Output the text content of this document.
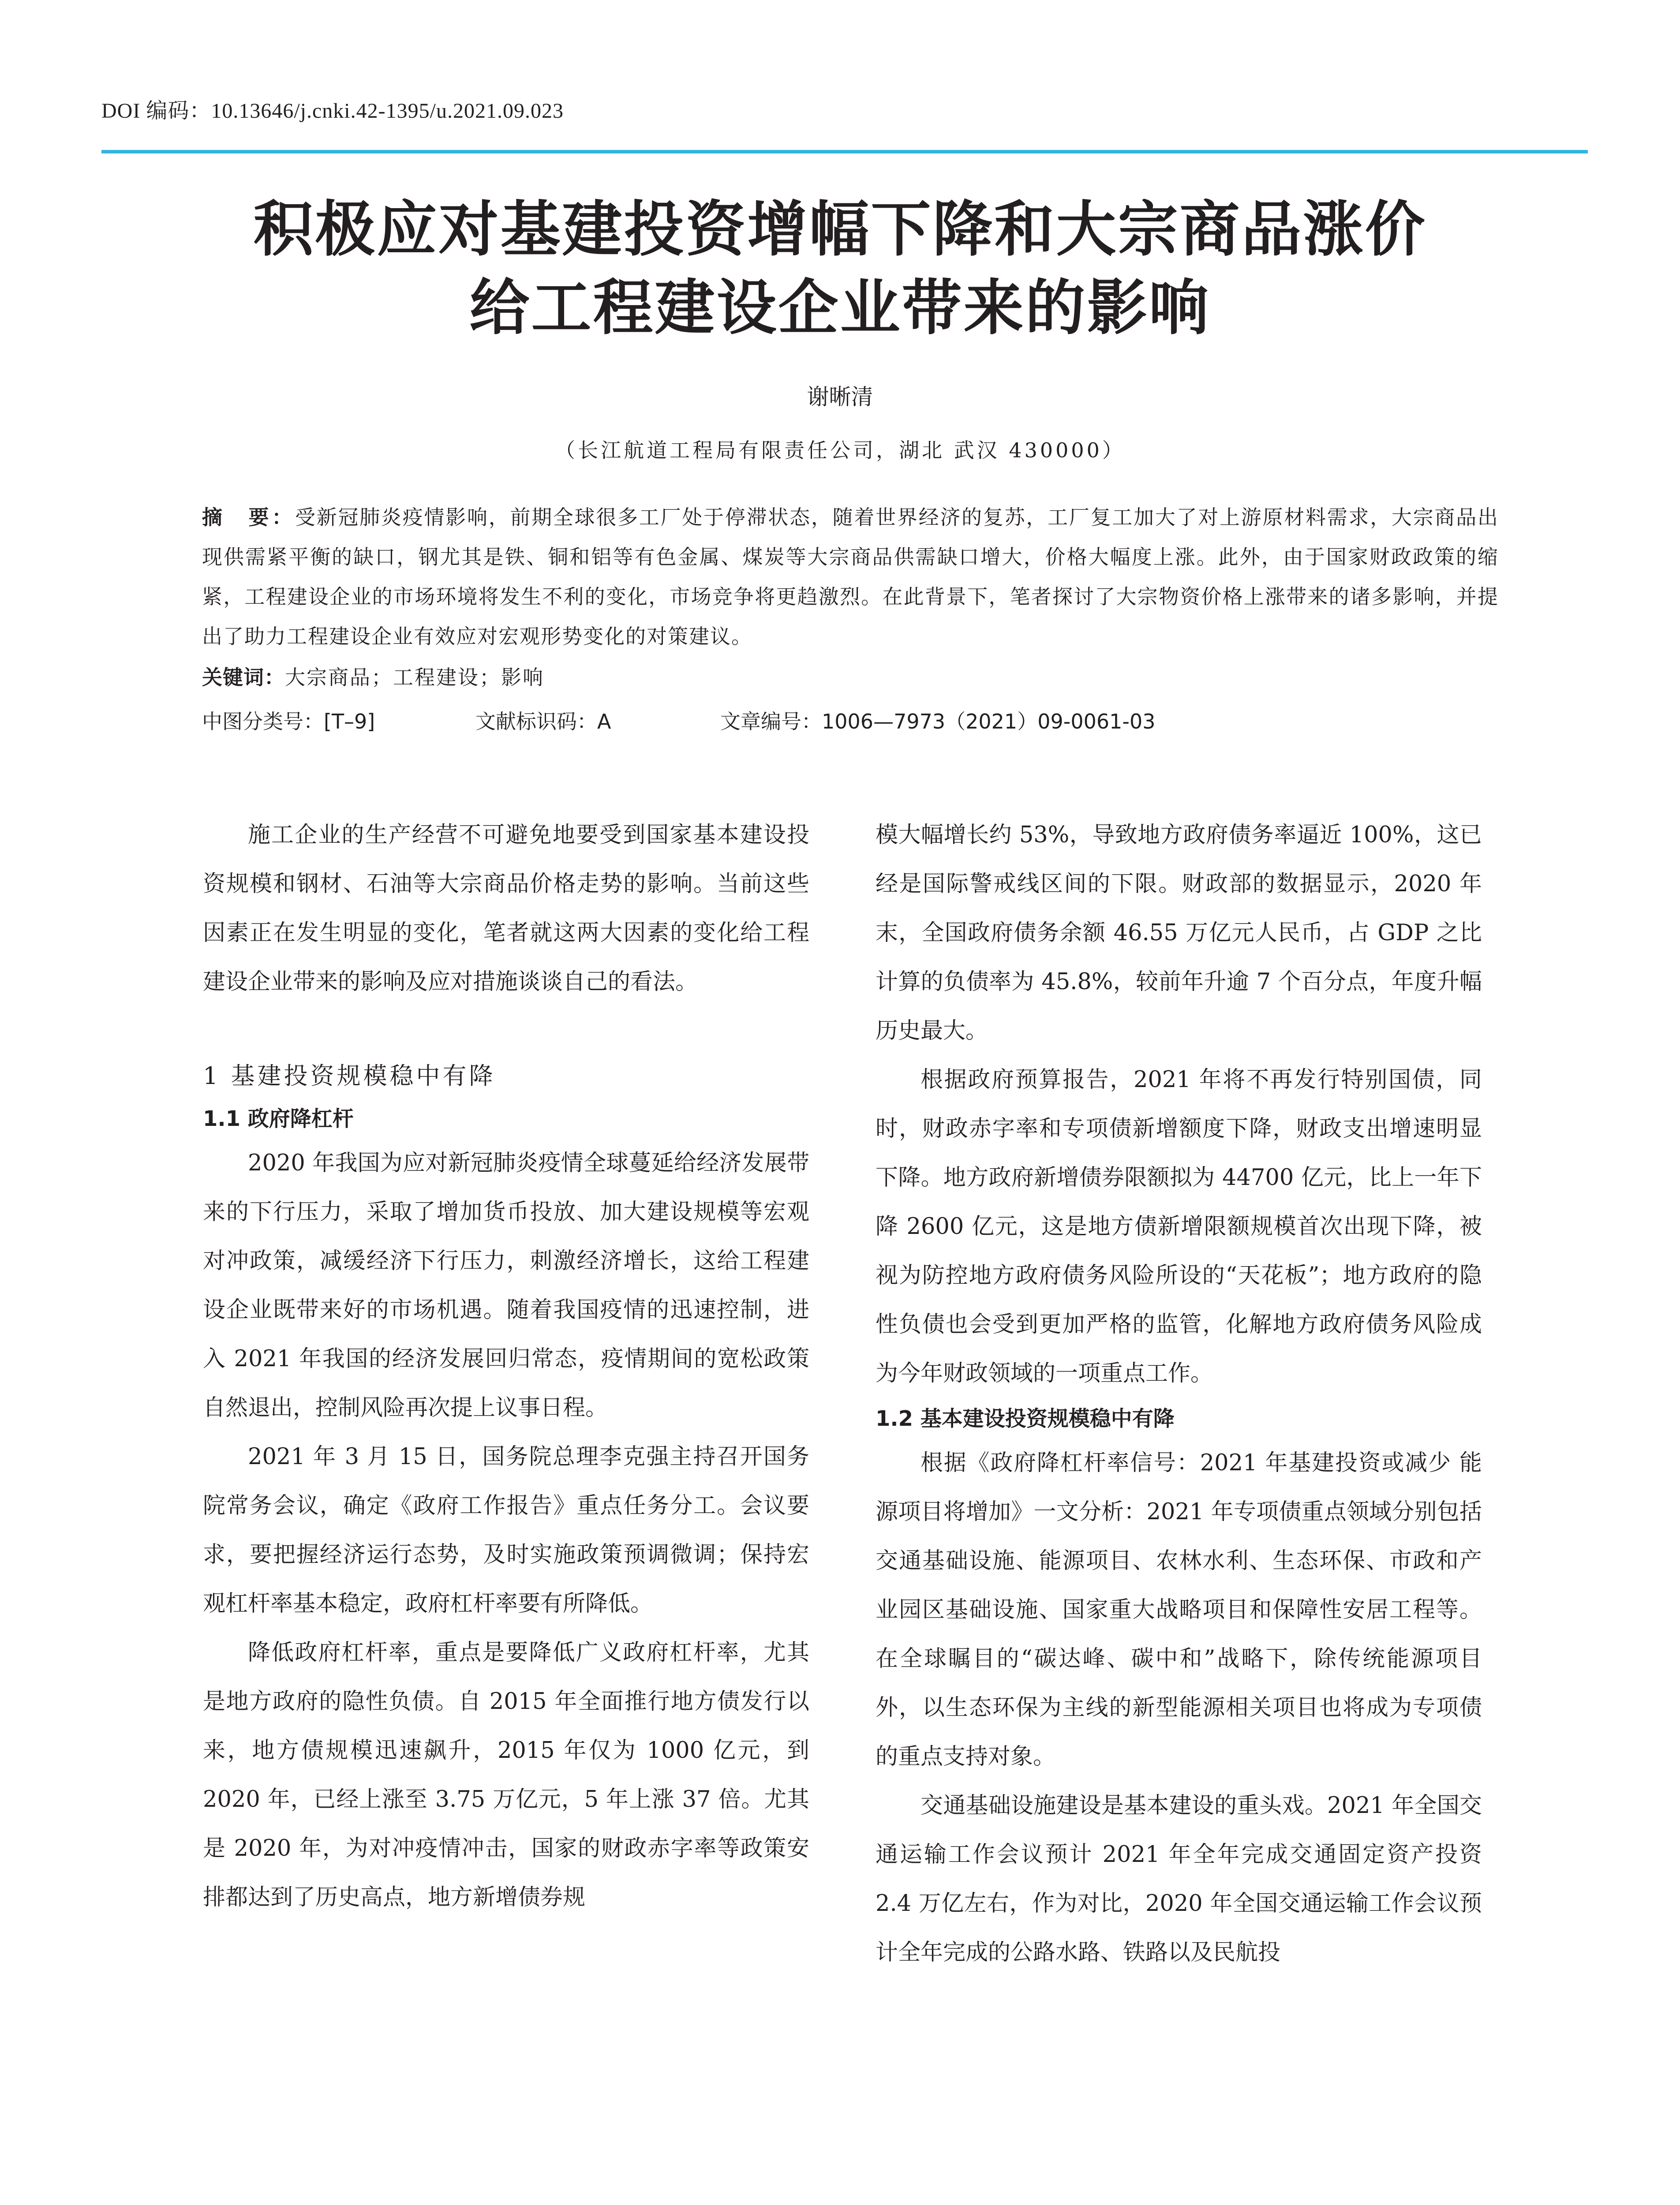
DOI 编码：10.13646/j.cnki.42-1395/u.2021.09.023
积极应对基建投资增幅下降和大宗商品涨价
给工程建设企业带来的影响
谢晰清
（长江航道工程局有限责任公司，湖北 武汉 430000）
摘　要：受新冠肺炎疫情影响，前期全球很多工厂处于停滞状态，随着世界经济的复苏，工厂复工加大了对上游原材料需求，大宗商品出现供需紧平衡的缺口，钢尤其是铁、铜和铝等有色金属、煤炭等大宗商品供需缺口增大，价格大幅度上涨。此外，由于国家财政政策的缩紧，工程建设企业的市场环境将发生不利的变化，市场竞争将更趋激烈。在此背景下，笔者探讨了大宗物资价格上涨带来的诸多影响，并提出了助力工程建设企业有效应对宏观形势变化的对策建议。
关键词：大宗商品；工程建设；影响
中图分类号：[T–9]	文献标识码：A	文章编号：1006—7973（2021）09-0061-03

施工企业的生产经营不可避免地要受到国家基本建设投资规模和钢材、石油等大宗商品价格走势的影响。当前这些因素正在发生明显的变化，笔者就这两大因素的变化给工程建设企业带来的影响及应对措施谈谈自己的看法。

1 基建投资规模稳中有降
1.1 政府降杠杆

2020 年我国为应对新冠肺炎疫情全球蔓延给经济发展带来的下行压力，采取了增加货币投放、加大建设规模等宏观对冲政策，减缓经济下行压力，刺激经济增长，这给工程建设企业既带来好的市场机遇。随着我国疫情的迅速控制，进入 2021 年我国的经济发展回归常态，疫情期间的宽松政策自然退出，控制风险再次提上议事日程。

2021 年 3 月 15 日，国务院总理李克强主持召开国务院常务会议，确定《政府工作报告》重点任务分工。会议要求，要把握经济运行态势，及时实施政策预调微调；保持宏观杠杆率基本稳定，政府杠杆率要有所降低。

降低政府杠杆率，重点是要降低广义政府杠杆率，尤其是地方政府的隐性负债。自 2015 年全面推行地方债发行以来，地方债规模迅速飙升，2015 年仅为 1000 亿元，到 2020 年，已经上涨至 3.75 万亿元，5 年上涨 37 倍。尤其是 2020 年，为对冲疫情冲击，国家的财政赤字率等政策安排都达到了历史高点，地方新增债券规

模大幅增长约 53%，导致地方政府债务率逼近 100%，这已经是国际警戒线区间的下限。财政部的数据显示，2020 年末，全国政府债务余额 46.55 万亿元人民币，占 GDP 之比计算的负债率为 45.8%，较前年升逾 7 个百分点，年度升幅历史最大。

根据政府预算报告，2021 年将不再发行特别国债，同时，财政赤字率和专项债新增额度下降，财政支出增速明显下降。地方政府新增债券限额拟为 44700 亿元，比上一年下降 2600 亿元，这是地方债新增限额规模首次出现下降，被视为防控地方政府债务风险所设的“天花板”；地方政府的隐性负债也会受到更加严格的监管，化解地方政府债务风险成为今年财政领域的一项重点工作。

1.2 基本建设投资规模稳中有降

根据《政府降杠杆率信号：2021 年基建投资或减少 能源项目将增加》一文分析：2021 年专项债重点领域分别包括交通基础设施、能源项目、农林水利、生态环保、市政和产业园区基础设施、国家重大战略项目和保障性安居工程等。在全球瞩目的“碳达峰、碳中和”战略下，除传统能源项目外，以生态环保为主线的新型能源相关项目也将成为专项债的重点支持对象。

交通基础设施建设是基本建设的重头戏。2021 年全国交通运输工作会议预计 2021 年全年完成交通固定资产投资 2.4 万亿左右，作为对比，2020 年全国交通运输工作会议预计全年完成的公路水路、铁路以及民航投
